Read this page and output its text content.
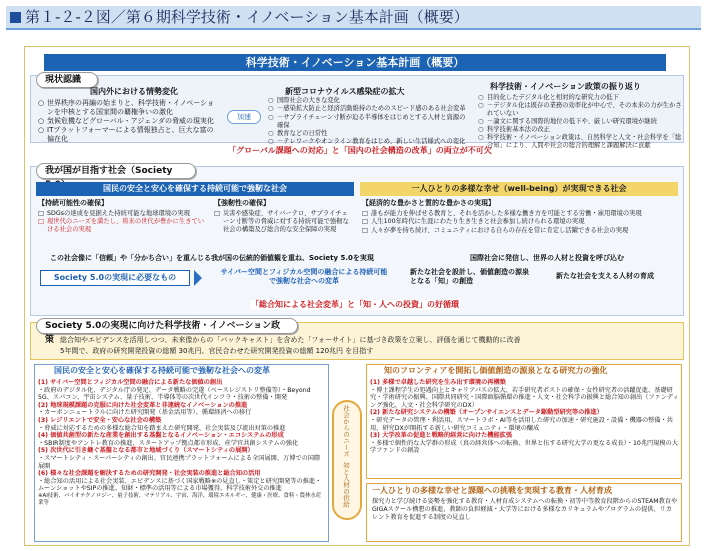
第１-２-２図／第６期科学技術・イノベーション基本計画（概要）
科学技術・イノベーション基本計画（概要）
現状認識
国内外における情勢変化
○ 世界秩序の再編の始まりと、科学技術・イノベーションを中核とする国家間の覇権争いの激化
○ 気候危機などグローバル・アジェンダの脅威の現実化
○ ITプラットフォーマーによる情報独占と、巨大な富の偏在化
加速
新型コロナウイルス感染症の拡大
○ 国際社会の大きな変化
○ －感染拡大防止と経済活動維持のためのスピード感のある社会変革
○ －サプライチェーン寸断が迫る半導体をはじめとする人材と資源の確保
○ 教育などの日常性
○ －テレワークやオンライン教育をはじめ、新しい生活様式への変化
科学技術・イノベーション政策の振り返り
○ 目的化したデジタル化と相対的な研究力の低下
○ －デジタル化は既存の業務の効率化が中心で、その本来の力が生かされていない
○ －論文に関する国際的地位の低下や、厳しい研究環境が継続
○ 科学技術基本法の改正
○ 科学技術・イノベーション政策は、自然科学と人文・社会科学を「総合知」により、人間や社会の総合的理解と課題解決に貢献
「グローバル課題への対応」と「国内の社会構造の改革」の両立が不可欠
我が国が目指す社会（Society
国民の安全と安心を確保する持続可能で強靭な社会
【持続可能性の確保】
□ SDGsの達成を見据えた持続可能な地球環境の実現
□ 現世代のニーズを満たし、将来の世代が豊かに生きていける社会の実現
【強靭性の確保】
□ 災害や感染症、サイバーテロ、サプライチェーン寸断等の脅威に対する持続可能で強靭な社会の構築及び総合的な安全保障の実現
一人ひとりの多様な幸せ（well-being）が実現できる社会
【経済的な豊かさと質的な豊かさの実現】
□ 誰もが能力を伸ばせる教育と、それを活かした多様な働き方を可能とする労働・雇用環境の実現
□ 人生100年時代に生涯にわたり生き生きと社会参加し続けられる環境の実現
□ 人々が夢を持ち続け、コミュニティにおける自らの存在を常に肯定し活躍できる社会の実現
この社会像に「信頼」や「分かち合い」を重んじる我が国の伝統的価値観を重ね、Society 5.0を実現	国際社会に発信し、世界の人材と投資を呼び込む
Society 5.0の実現に必要なもの
サイバー空間とフィジカル空間の融合による持続可能で強靭な社会への変革
新たな社会を設計し、価値創造の源泉となる「知」の創造
新たな社会を支える人材の育成
「総合知による社会変革」と「知・人への投資」の好循環
Society 5.0の実現に向けた科学技術・イノベーション政策 総合知やエビデンスを活用しつつ、未来像からの「バックキャスト」を含めた「フォーサイト」に基づき政策を立案し、評価を通じて機動的に改善
5年間で、政府の研究開発投資の総額 30兆円、官民合わせた研究開発投資の総額 120兆円 を目指す
国民の安全と安心を確保する持続可能で強靭な社会への変革
(1) サイバー空間とフィジカル空間の融合による新たな価値の創出
・政府のデジタル化、デジタル庁の発足、データ戦略の完遂（ベースレジストリ整備等）・Beyond 5G、スパコン、宇宙システム、量子技術、半導体等の次世代インフラ・技術の整備・開発
(2) 地球規模課題の克服に向けた社会変革と非連続なイノベーションの推進
・カーボンニュートラルに向けた研究開発（基金活用等）、循環経済への移行
(3) レジリエントで安全・安心な社会の構築
・脅威に対応するための多様な総合知を踏まえた研究開発、社会実装及び流出対策の推進
(4) 価値共創型の新たな産業を創出する基盤となるイノベーション・エコシステムの形成
・SBIR制度やアントレ教育の推進、スタートアップ拠点都市形成、産学官共創システムの強化
(5) 次世代に引き継ぐ基盤となる都市と地域づくり（スマートシティの展開）
・スマートシティ・スーパーシティの創出、官民連携プラットフォームによる全国展開、万博での国際展開
(6) 様々な社会課題を解決するための研究開発・社会実装の推進と総合知の活用
・総合知の活用による社会実装、エビデンスに基づく国家戦略※の見直し・策定と研究開発等の推進・ムーンショットやSIPの推進、知財・標準の活用等による市場獲得、科学技術外交の推進
※AI技術、バイオテクノロジー、量子技術、マテリアル、宇宙、海洋、環境エネルギー、健康・医療、食料・農林水産業等
社会からのニーズ
知と人材の供給
知のフロンティアを開拓し価値創造の源泉となる研究力の強化
(1) 多様で卓越した研究を生み出す環境の再構築
・博士課程学生の処遇向上とキャリアパスの拡大、若手研究者ポストの確保・女性研究者の活躍促進、基礎研究・学術研究の振興、国際共同研究・国際頭脳循環の推進・人文・社会科学の振興と総合知の創出（ファンディング強化、人文・社会科学研究のDX）
(2) 新たな研究システムの構築（オープンサイエンスとデータ駆動型研究等の推進）
・研究データの管理・利活用、スマートラボ・AI等を活用した研究の加速・研究施設・設備・機器の整備・共用、研究DXが開拓する新しい研究コミュニティ・環境の醸成
(3) 大学改革の促進と戦略的経営に向けた機能拡張
・多様で個性的な大学群の形成（真の経営体への転換、世界と伍する研究大学の更なる成長）・10兆円規模の大学ファンドの創設
一人ひとりの多様な幸せと課題への挑戦を実現する教育・人材育成
探究力と学び続ける姿勢を強化する教育・人材育成システムへの転換・初等中等教育段階からのSTEAM教育やGIGAスクール構想の推進、教師の負担軽減・大学等における多様なカリキュラムやプログラムの提供、リカレント教育を促進する制度の見直し
